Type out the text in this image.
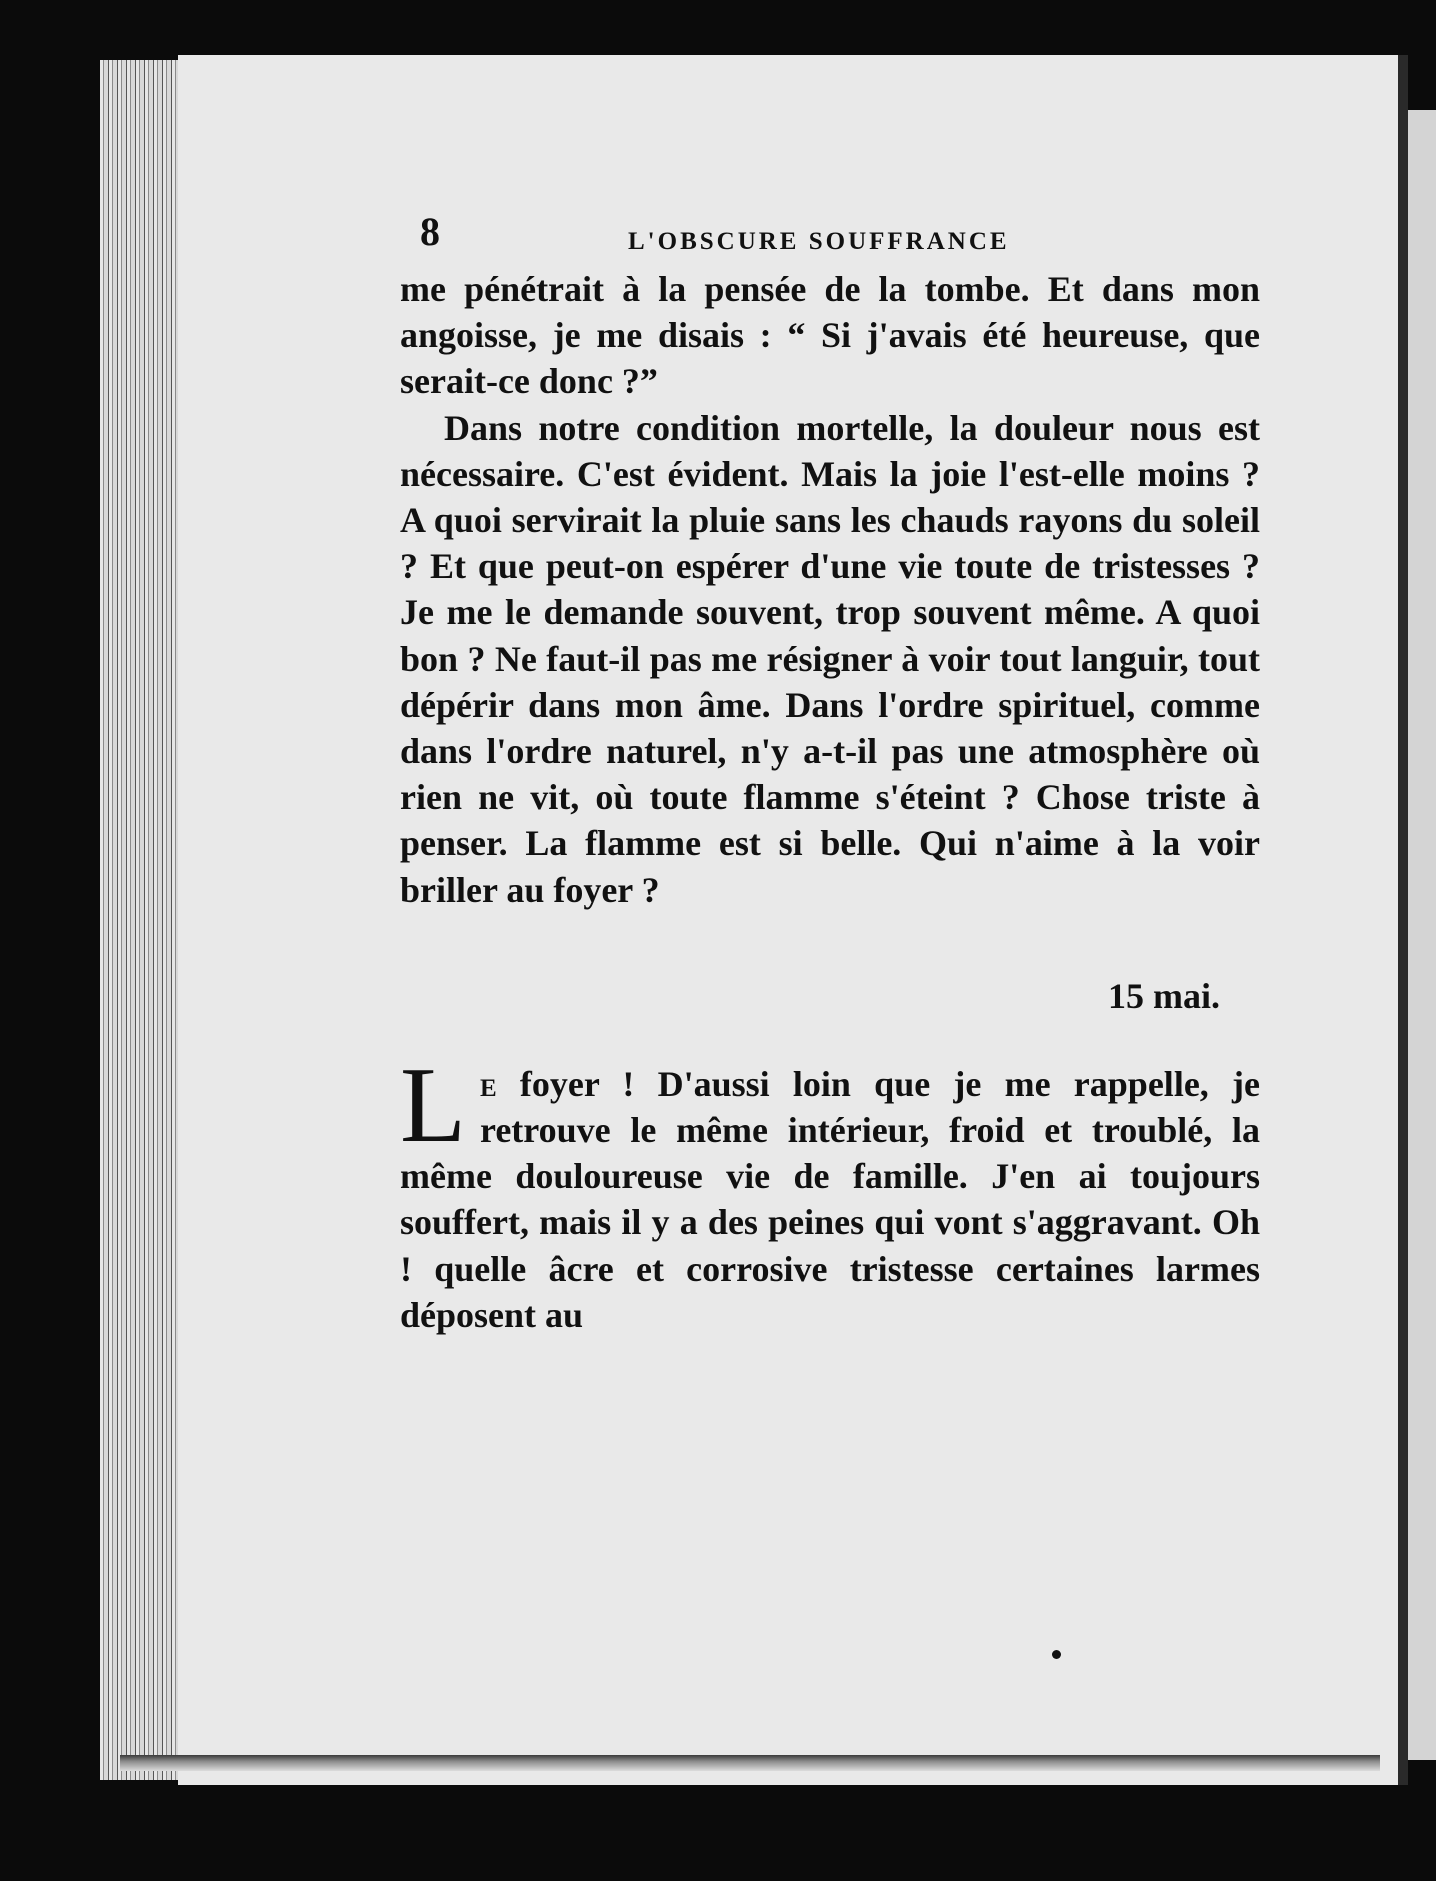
8	L'OBSCURE SOUFFRANCE

me pénétrait à la pensée de la tombe. Et dans mon angoisse, je me disais : “ Si j'avais été heureuse, que serait-ce donc ?”

Dans notre condition mortelle, la douleur nous est nécessaire. C'est évident. Mais la joie l'est-elle moins ? A quoi servirait la pluie sans les chauds rayons du soleil ? Et que peut-on espérer d'une vie toute de tristesses ? Je me le demande souvent, trop souvent même. A quoi bon ? Ne faut-il pas me résigner à voir tout languir, tout dépérir dans mon âme. Dans l'ordre spirituel, comme dans l'ordre naturel, n'y a-t-il pas une atmosphère où rien ne vit, où toute flamme s'éteint ? Chose triste à penser. La flamme est si belle. Qui n'aime à la voir briller au foyer ?

15 mai.
Le foyer ! D'aussi loin que je me rappelle, je retrouve le même intérieur, froid et troublé, la même douloureuse vie de famille. J'en ai toujours souffert, mais il y a des peines qui vont s'aggravant. Oh ! quelle âcre et corrosive tristesse certaines larmes déposent au
